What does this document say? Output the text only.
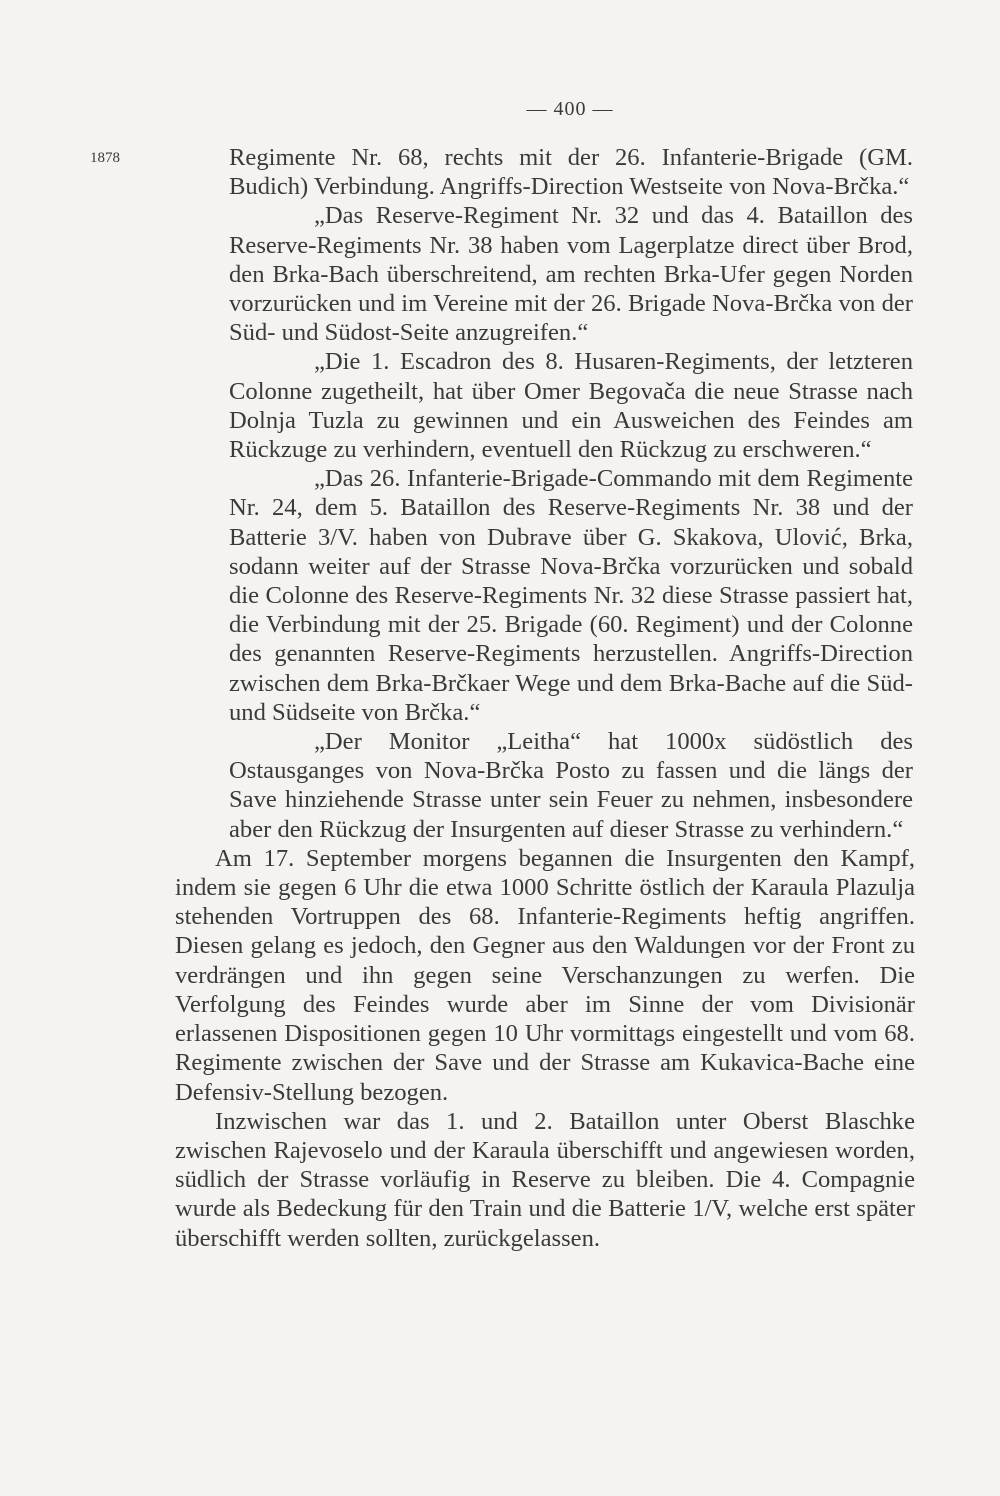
— 400 —
1878	Regimente Nr. 68, rechts mit der 26. Infanterie-Brigade (GM. Budich) Verbindung. Angriffs-Direction Westseite von Nova-Brčka.“

„Das Reserve-Regiment Nr. 32 und das 4. Bataillon des Reserve-Regiments Nr. 38 haben vom Lagerplatze direct über Brod, den Brka-Bach überschreitend, am rechten Brka-Ufer gegen Norden vorzurücken und im Vereine mit der 26. Brigade Nova-Brčka von der Süd- und Südost-Seite anzugreifen.“

„Die 1. Escadron des 8. Husaren-Regiments, der letzteren Colonne zugetheilt, hat über Omer Begovača die neue Strasse nach Dolnja Tuzla zu gewinnen und ein Ausweichen des Feindes am Rückzuge zu verhindern, eventuell den Rückzug zu erschweren.“

„Das 26. Infanterie-Brigade-Commando mit dem Regimente Nr. 24, dem 5. Bataillon des Reserve-Regiments Nr. 38 und der Batterie 3/V. haben von Dubrave über G. Skakova, Ulović, Brka, sodann weiter auf der Strasse Nova-Brčka vorzurücken und sobald die Colonne des Reserve-Regiments Nr. 32 diese Strasse passiert hat, die Verbindung mit der 25. Brigade (60. Regiment) und der Colonne des genannten Reserve-Regiments herzustellen. Angriffs-Direction zwischen dem Brka-Brčkaer Wege und dem Brka-Bache auf die Süd- und Südseite von Brčka.“

„Der Monitor „Leitha“ hat 1000x südöstlich des Ostausganges von Nova-Brčka Posto zu fassen und die längs der Save hinziehende Strasse unter sein Feuer zu nehmen, insbesondere aber den Rückzug der Insurgenten auf dieser Strasse zu verhindern.“

Am 17. September morgens begannen die Insurgenten den Kampf, indem sie gegen 6 Uhr die etwa 1000 Schritte östlich der Karaula Plazulja stehenden Vortruppen des 68. Infanterie-Regiments heftig angriffen. Diesen gelang es jedoch, den Gegner aus den Waldungen vor der Front zu verdrängen und ihn gegen seine Verschanzungen zu werfen. Die Verfolgung des Feindes wurde aber im Sinne der vom Divisionär erlassenen Dispositionen gegen 10 Uhr vormittags eingestellt und vom 68. Regimente zwischen der Save und der Strasse am Kukavica-Bache eine Defensiv-Stellung bezogen.

Inzwischen war das 1. und 2. Bataillon unter Oberst Blaschke zwischen Rajevoselo und der Karaula überschifft und angewiesen worden, südlich der Strasse vorläufig in Reserve zu bleiben. Die 4. Compagnie wurde als Bedeckung für den Train und die Batterie 1/V, welche erst später überschifft werden sollten, zurückgelassen.
